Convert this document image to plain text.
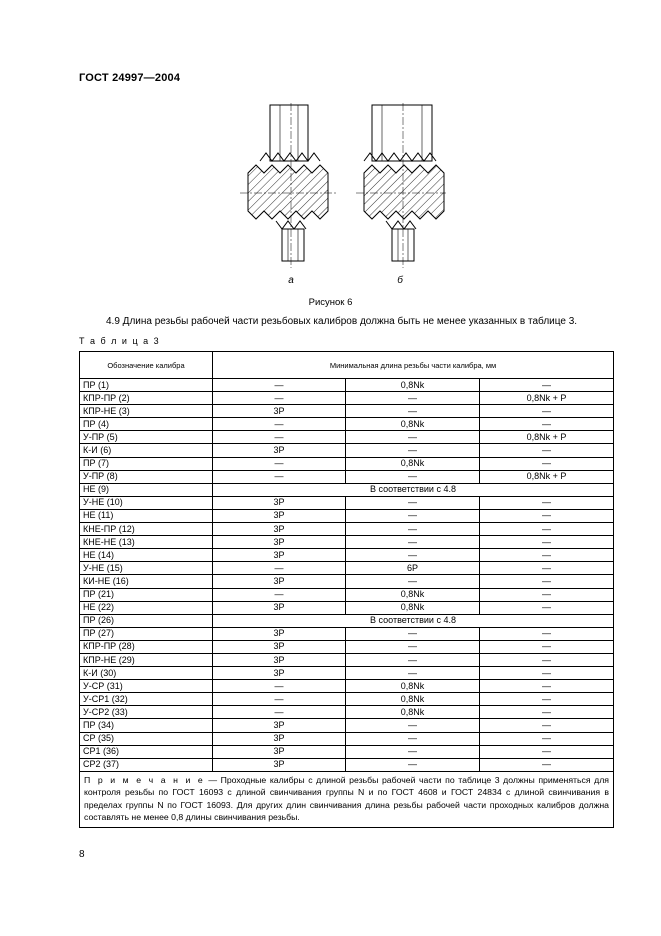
ГОСТ 24997—2004
а	б
Рисунок 6
4.9 Длина резьбы рабочей части резьбовых калибров должна быть не менее указанных в таблице 3.
Т а б л и ц а 3
Обозначение калибра	Минимальная длина резьбы части калибра, мм		
ПР (1)	—	0,8Nk	—
КПР-ПР (2)	—	—	0,8Nk + P
КПР-НЕ (3)	3P	—	—
ПР (4)	—	0,8Nk	—
У-ПР (5)	—	—	0,8Nk + P
К-И (6)	3P	—	—
ПР (7)	—	0,8Nk	—
У-ПР (8)	—	—	0,8Nk + P
НЕ (9)	В соответствии с 4.8		
У-НЕ (10)	3P	—	—
НЕ (11)	3P	—	—
КНЕ-ПР (12)	3P	—	—
КНЕ-НЕ (13)	3P	—	—
НЕ (14)	3P	—	—
У-НЕ (15)	—	6P	—
КИ-НЕ (16)	3P	—	—
ПР (21)	—	0,8Nk	—
НЕ (22)	3Р	0,8Nk	—
ПР (26)	В соответствии с 4.8		
ПР (27)	3P	—	—
КПР-ПР (28)	3P	—	—
КПР-НЕ (29)	3P	—	—
К-И (30)	3P	—	—
У-СР (31)	—	0,8Nk	—
У-СР1 (32)	—	0,8Nk	—
У-СР2 (33)	—	0,8Nk	—
ПР (34)	3P	—	—
СР (35)	3P	—	—
СР1 (36)	3P	—	—
СР2 (37)	3P	—	—
П р и м е ч а н и е — Проходные калибры с длиной резьбы рабочей части по таблице 3 должны применяться для контроля резьбы по ГОСТ 16093 с длиной свинчивания группы N и по ГОСТ 4608 и ГОСТ 24834 с длиной свинчивания в пределах группы N по ГОСТ 16093. Для других длин свинчивания длина резьбы рабочей части проходных калибров должна составлять не менее 0,8 длины свинчивания резьбы.			
8
